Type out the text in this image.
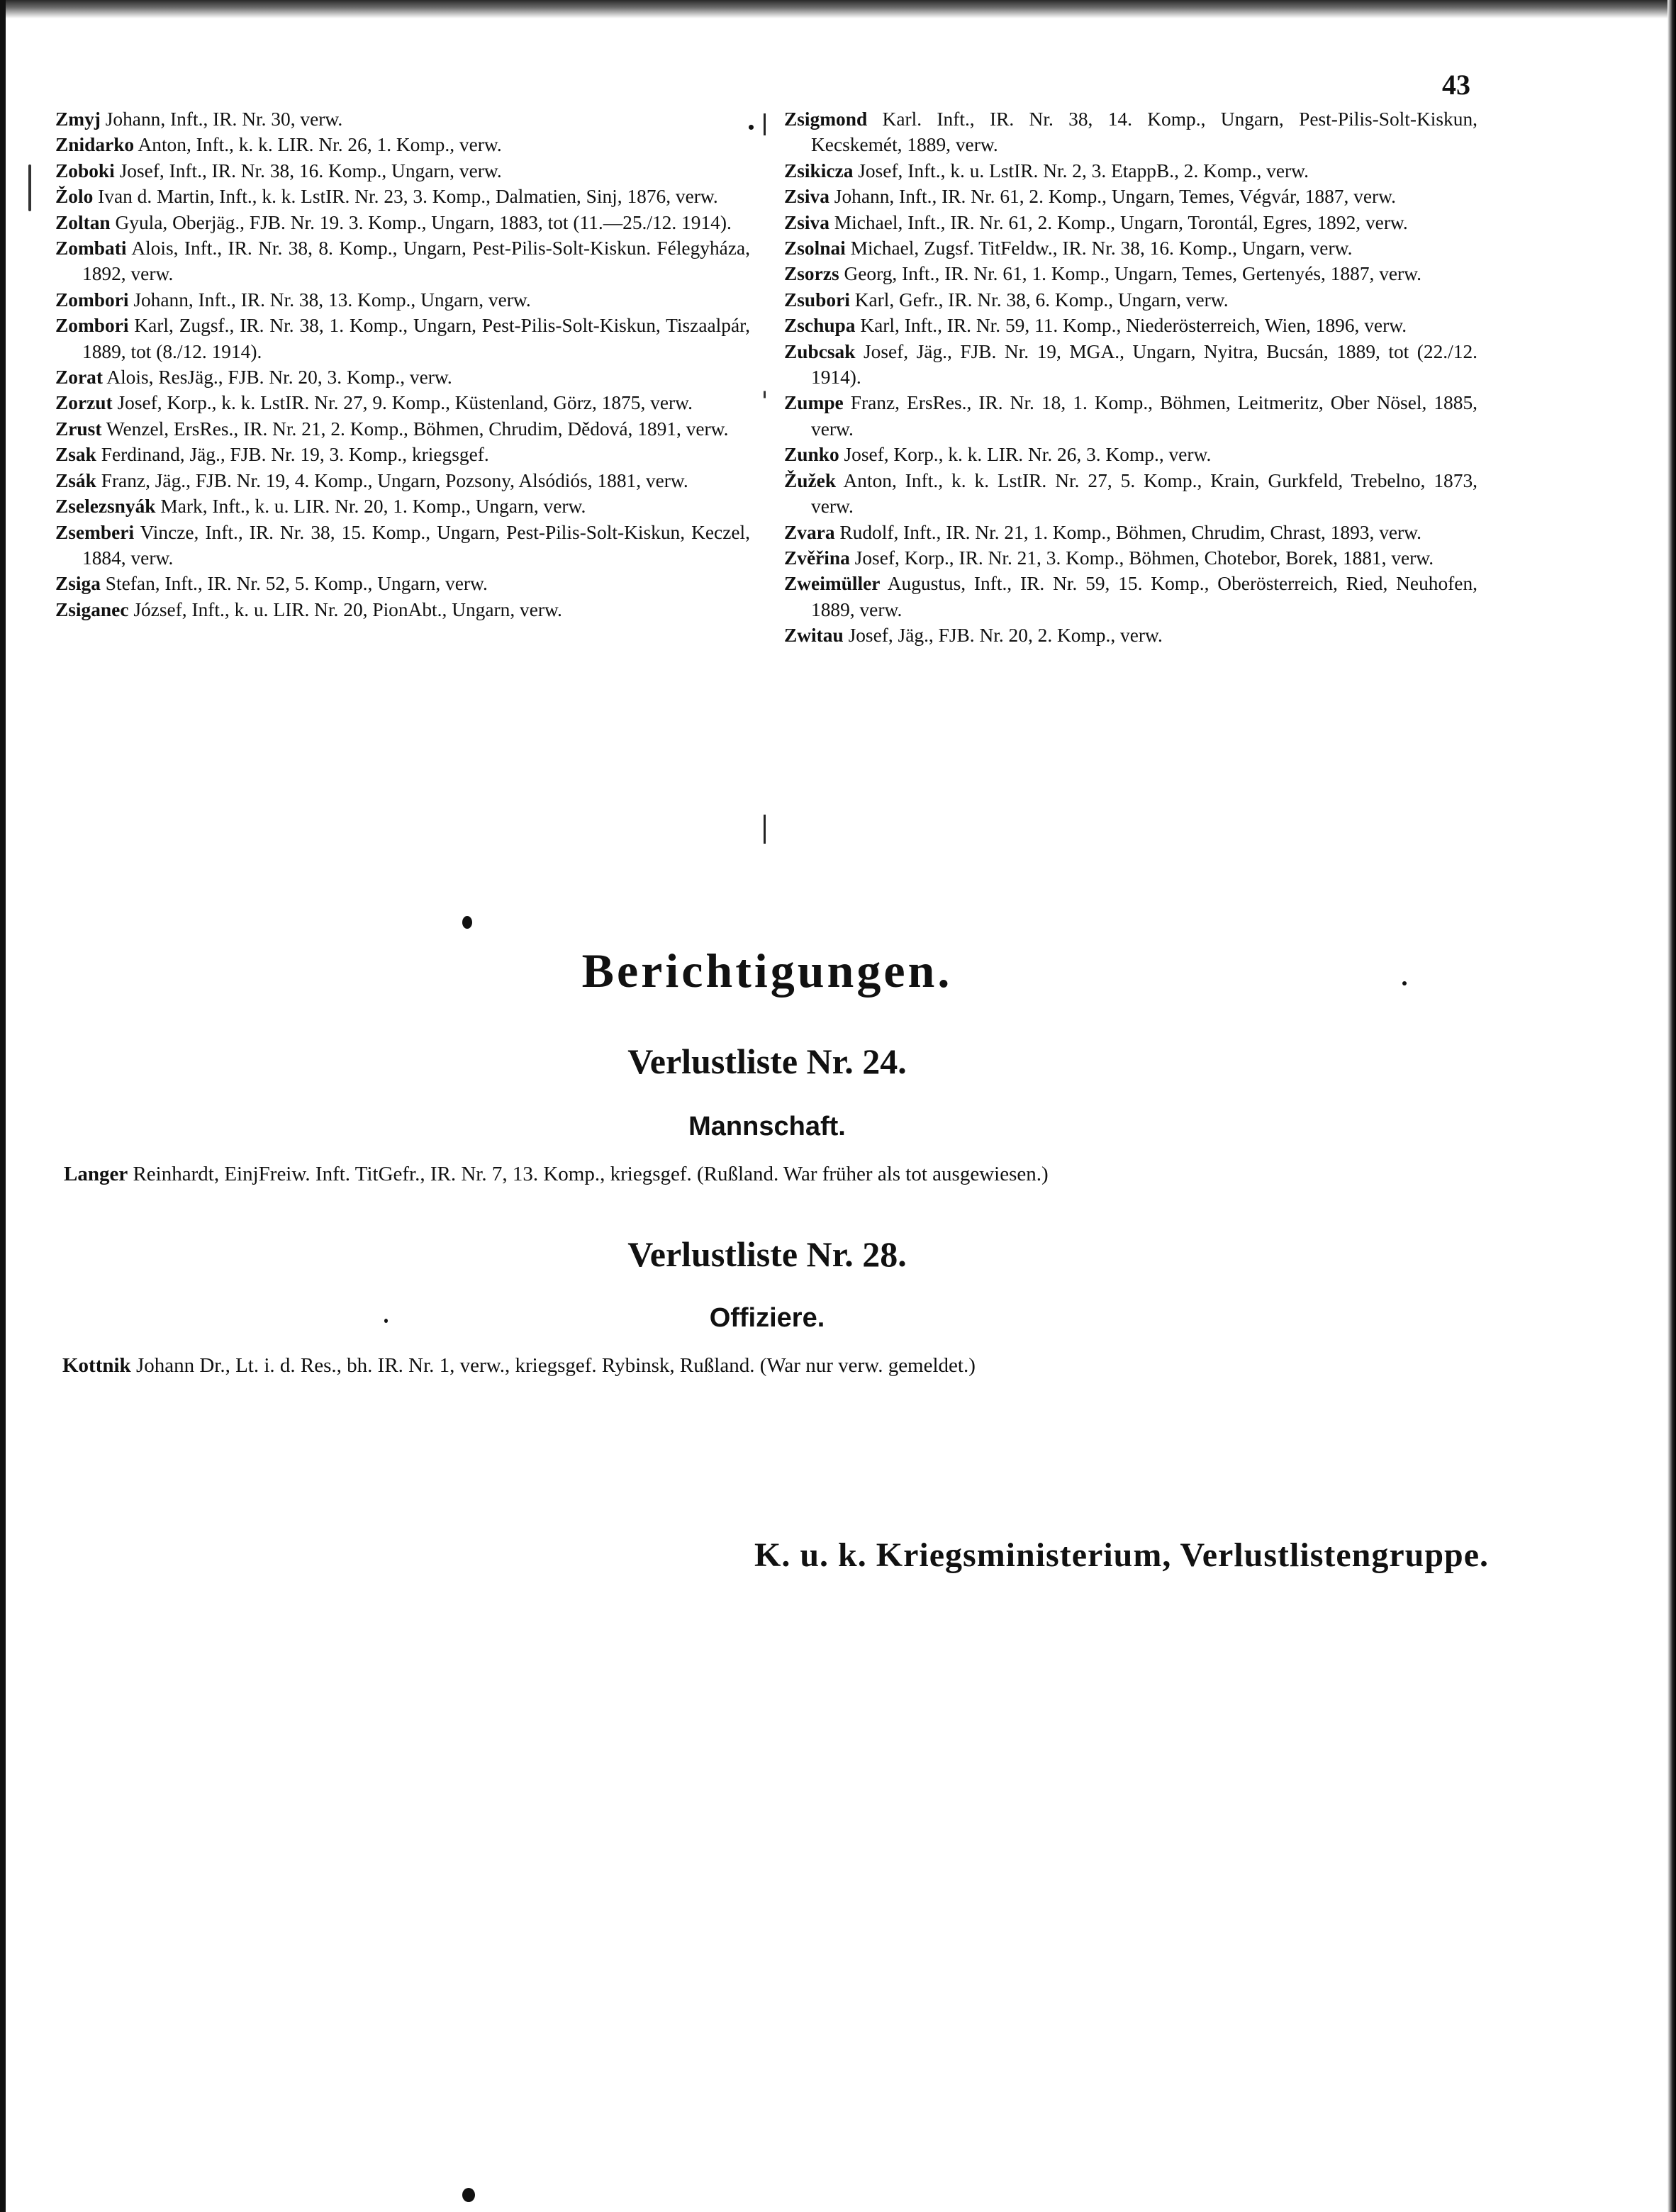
43

Zmyj Johann, Inft., IR. Nr. 30, verw.

Znidarko Anton, Inft., k. k. LIR. Nr. 26, 1. Komp., verw.

Zoboki Josef, Inft., IR. Nr. 38, 16. Komp., Ungarn, verw.

Žolo Ivan d. Martin, Inft., k. k. LstIR. Nr. 23, 3. Komp., Dalmatien, Sinj, 1876, verw.

Zoltan Gyula, Oberjäg., FJB. Nr. 19. 3. Komp., Ungarn, 1883, tot (11.—25./12. 1914).

Zombati Alois, Inft., IR. Nr. 38, 8. Komp., Ungarn, Pest-Pilis-Solt-Kiskun. Félegyháza, 1892, verw.

Zombori Johann, Inft., IR. Nr. 38, 13. Komp., Ungarn, verw.

Zombori Karl, Zugsf., IR. Nr. 38, 1. Komp., Ungarn, Pest-Pilis-Solt-Kiskun, Tiszaalpár, 1889, tot (8./12. 1914).

Zorat Alois, ResJäg., FJB. Nr. 20, 3. Komp., verw.

Zorzut Josef, Korp., k. k. LstIR. Nr. 27, 9. Komp., Küstenland, Görz, 1875, verw.

Zrust Wenzel, ErsRes., IR. Nr. 21, 2. Komp., Böhmen, Chrudim, Dědová, 1891, verw.

Zsak Ferdinand, Jäg., FJB. Nr. 19, 3. Komp., kriegsgef.

Zsák Franz, Jäg., FJB. Nr. 19, 4. Komp., Ungarn, Pozsony, Alsódiós, 1881, verw.

Zselezsnyák Mark, Inft., k. u. LIR. Nr. 20, 1. Komp., Ungarn, verw.

Zsemberi Vincze, Inft., IR. Nr. 38, 15. Komp., Ungarn, Pest-Pilis-Solt-Kiskun, Keczel, 1884, verw.

Zsiga Stefan, Inft., IR. Nr. 52, 5. Komp., Ungarn, verw.

Zsiganec József, Inft., k. u. LIR. Nr. 20, PionAbt., Ungarn, verw.

Zsigmond Karl. Inft., IR. Nr. 38, 14. Komp., Ungarn, Pest-Pilis-Solt-Kiskun, Kecskemét, 1889, verw.

Zsikicza Josef, Inft., k. u. LstIR. Nr. 2, 3. EtappB., 2. Komp., verw.

Zsiva Johann, Inft., IR. Nr. 61, 2. Komp., Ungarn, Temes, Végvár, 1887, verw.

Zsiva Michael, Inft., IR. Nr. 61, 2. Komp., Ungarn, Torontál, Egres, 1892, verw.

Zsolnai Michael, Zugsf. TitFeldw., IR. Nr. 38, 16. Komp., Ungarn, verw.

Zsorzs Georg, Inft., IR. Nr. 61, 1. Komp., Ungarn, Temes, Gertenyés, 1887, verw.

Zsubori Karl, Gefr., IR. Nr. 38, 6. Komp., Ungarn, verw.

Zschupa Karl, Inft., IR. Nr. 59, 11. Komp., Niederösterreich, Wien, 1896, verw.

Zubcsak Josef, Jäg., FJB. Nr. 19, MGA., Ungarn, Nyitra, Bucsán, 1889, tot (22./12. 1914).

Zumpe Franz, ErsRes., IR. Nr. 18, 1. Komp., Böhmen, Leitmeritz, Ober Nösel, 1885, verw.

Zunko Josef, Korp., k. k. LIR. Nr. 26, 3. Komp., verw.

Žužek Anton, Inft., k. k. LstIR. Nr. 27, 5. Komp., Krain, Gurkfeld, Trebelno, 1873, verw.

Zvara Rudolf, Inft., IR. Nr. 21, 1. Komp., Böhmen, Chrudim, Chrast, 1893, verw.

Zvěřina Josef, Korp., IR. Nr. 21, 3. Komp., Böhmen, Chotebor, Borek, 1881, verw.

Zweimüller Augustus, Inft., IR. Nr. 59, 15. Komp., Oberösterreich, Ried, Neuhofen, 1889, verw.

Zwitau Josef, Jäg., FJB. Nr. 20, 2. Komp., verw.

Berichtigungen.
Verlustliste Nr. 24.
Mannschaft.
Langer Reinhardt, EinjFreiw. Inft. TitGefr., IR. Nr. 7, 13. Komp., kriegsgef. (Rußland. War früher als tot ausgewiesen.)
Verlustliste Nr. 28.
Offiziere.
Kottnik Johann Dr., Lt. i. d. Res., bh. IR. Nr. 1, verw., kriegsgef. Rybinsk, Rußland. (War nur verw. gemeldet.)
K. u. k. Kriegsministerium, Verlustlistengruppe.
